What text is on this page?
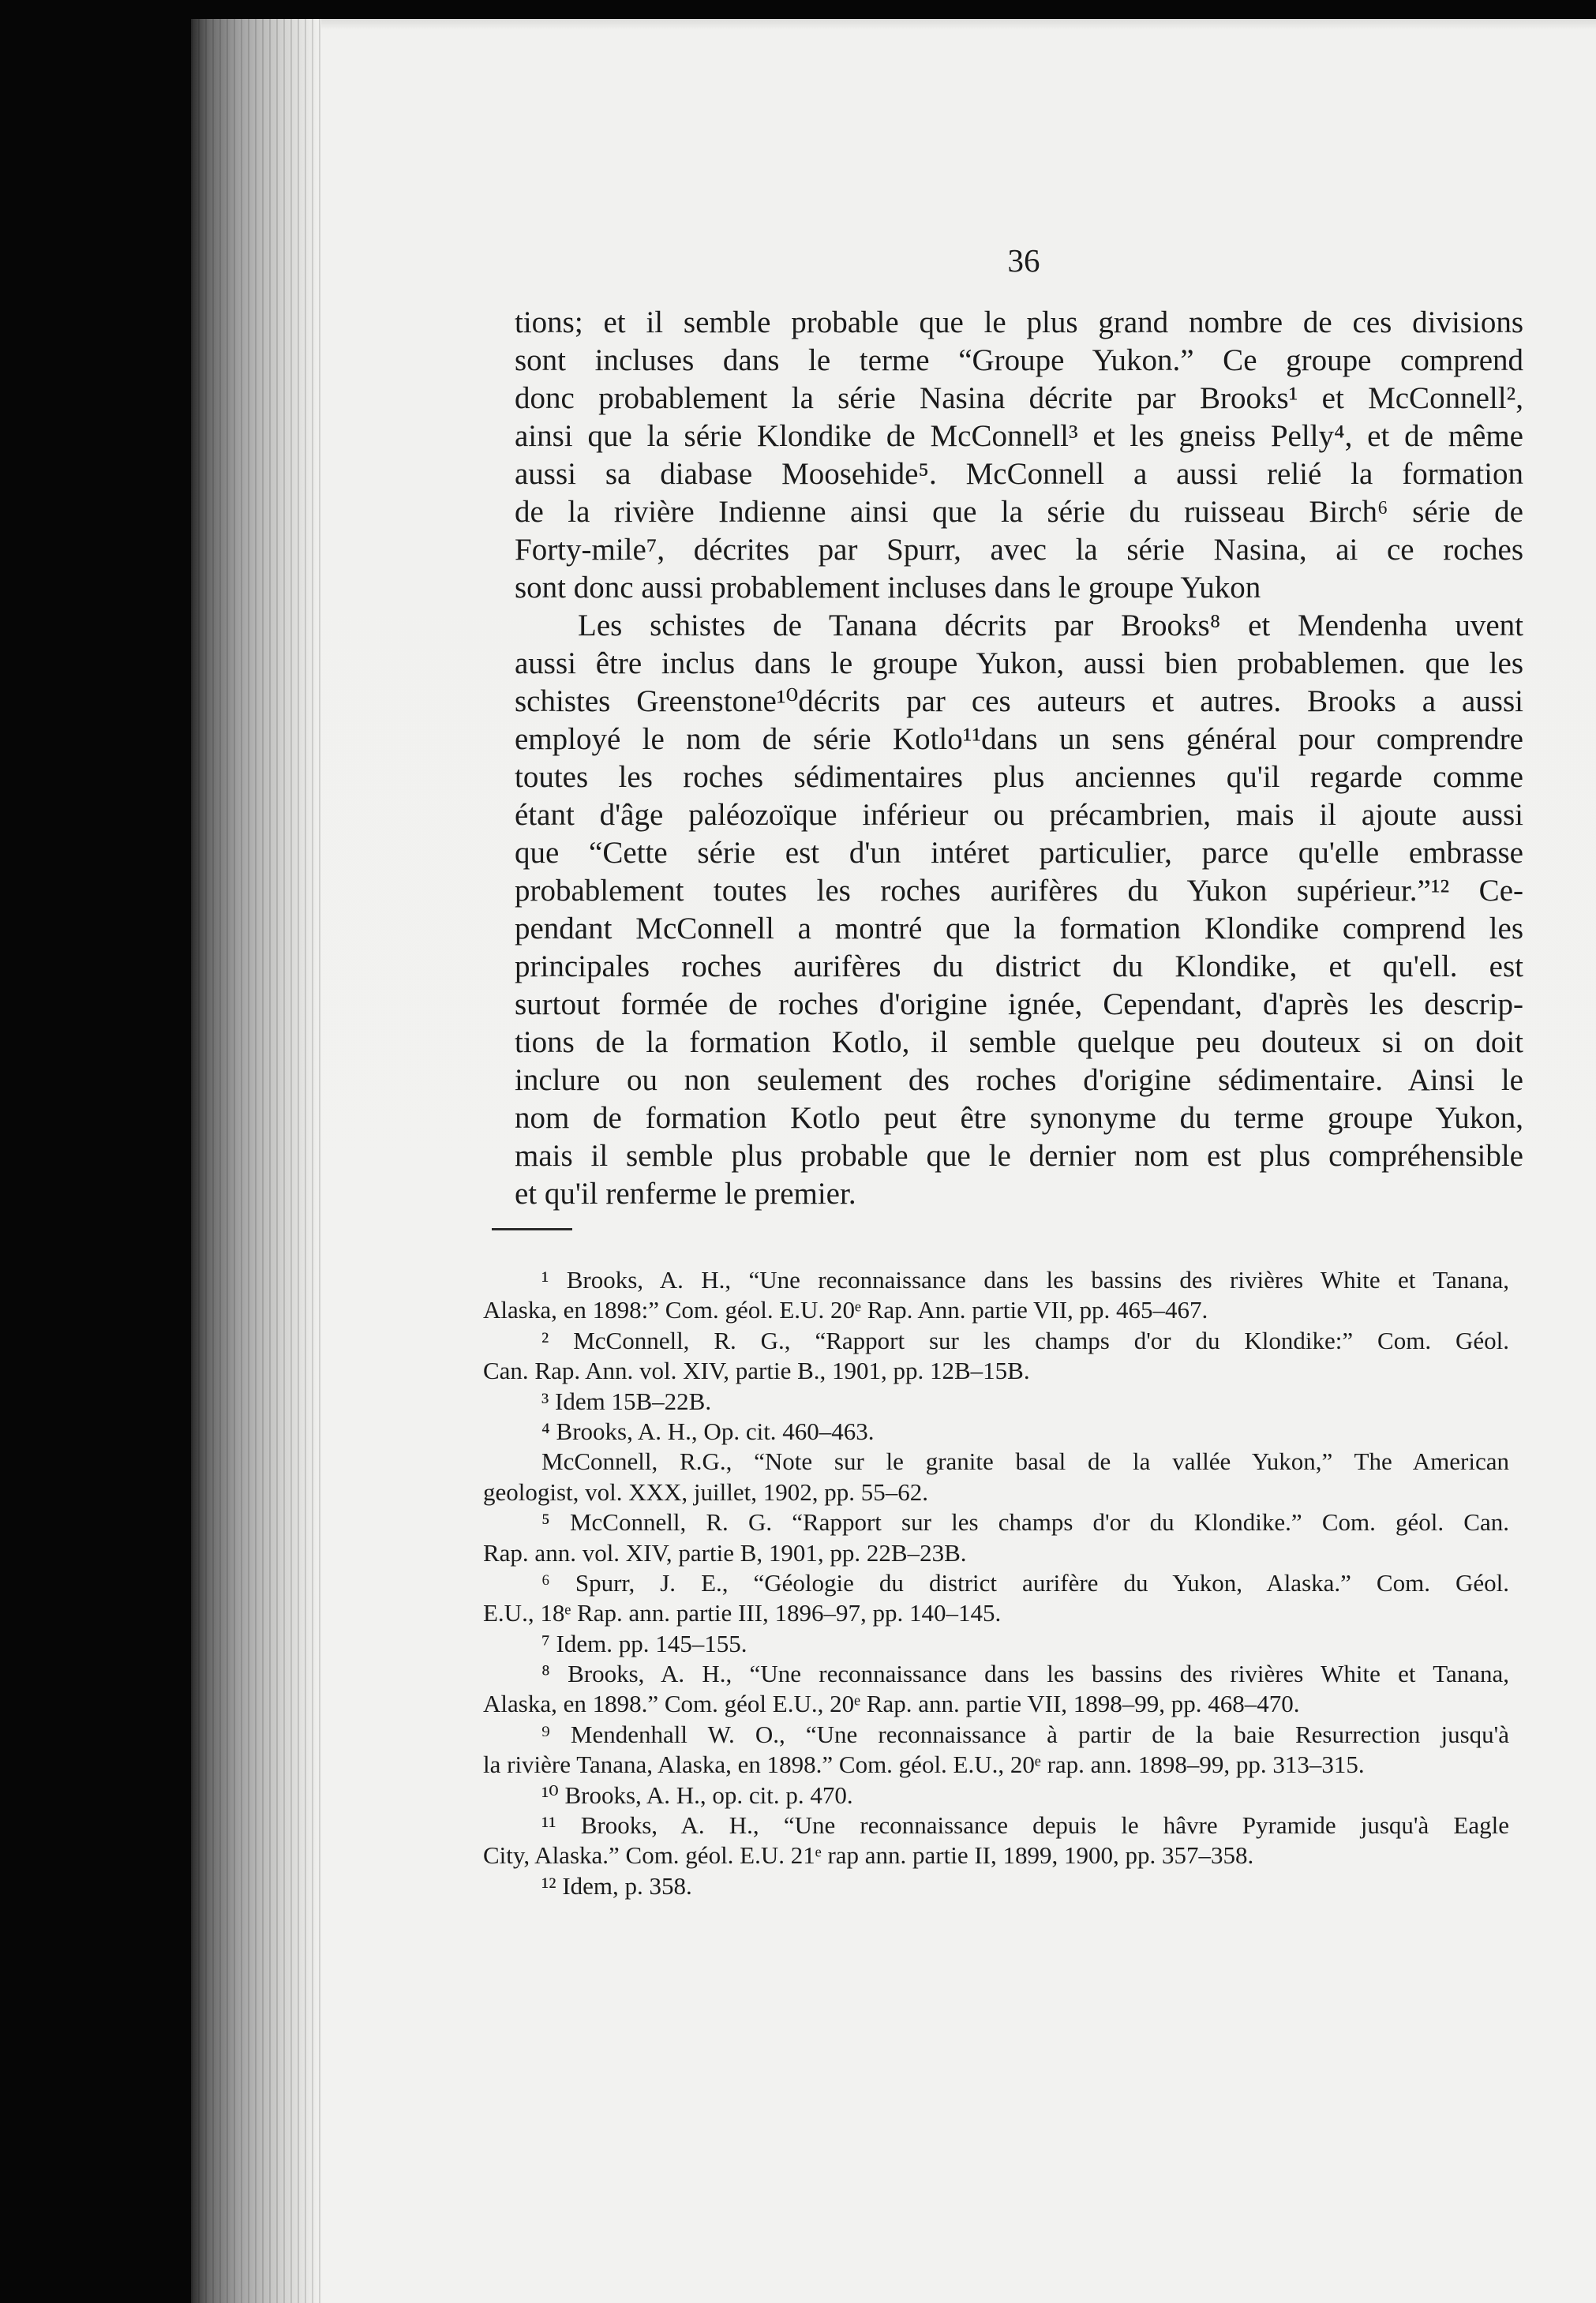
36
tions; et il semble probable que le plus grand nombre de ces divisions
sont incluses dans le terme “Groupe Yukon.” Ce groupe comprend
donc probablement la série Nasina décrite par Brooks¹ et McConnell²,
ainsi que la série Klondike de McConnell³ et les gneiss Pelly⁴, et de même
aussi sa diabase Moosehide⁵. McConnell a aussi relié la formation
de la rivière Indienne ainsi que la série du ruisseau Birch⁶ série de
Forty-mile⁷, décrites par Spurr, avec la série Nasina, ai ce roches
sont donc aussi probablement incluses dans le groupe Yukon
Les schistes de Tanana décrits par Brooks⁸ et Mendenha uvent
aussi être inclus dans le groupe Yukon, aussi bien probablemen. que les
schistes Greenstone¹⁰décrits par ces auteurs et autres. Brooks a aussi
employé le nom de série Kotlo¹¹dans un sens général pour comprendre
toutes les roches sédimentaires plus anciennes qu'il regarde comme
étant d'âge paléozoïque inférieur ou précambrien, mais il ajoute aussi
que “Cette série est d'un intéret particulier, parce qu'elle embrasse
probablement toutes les roches aurifères du Yukon supérieur.”¹² Ce-
pendant McConnell a montré que la formation Klondike comprend les
principales roches aurifères du district du Klondike, et qu'ell. est
surtout formée de roches d'origine ignée, Cependant, d'après les descrip-
tions de la formation Kotlo, il semble quelque peu douteux si on doit
inclure ou non seulement des roches d'origine sédimentaire. Ainsi le
nom de formation Kotlo peut être synonyme du terme groupe Yukon,
mais il semble plus probable que le dernier nom est plus compréhensible
et qu'il renferme le premier.
¹ Brooks, A. H., “Une reconnaissance dans les bassins des rivières White et Tanana,
Alaska, en 1898:” Com. géol. E.U. 20ᵉ Rap. Ann. partie VII, pp. 465–467.
² McConnell, R. G., “Rapport sur les champs d'or du Klondike:” Com. Géol.
Can. Rap. Ann. vol. XIV, partie B., 1901, pp. 12B–15B.
³ Idem 15B–22B.
⁴ Brooks, A. H., Op. cit. 460–463.
McConnell, R.G., “Note sur le granite basal de la vallée Yukon,” The American
geologist, vol. XXX, juillet, 1902, pp. 55–62.
⁵ McConnell, R. G. “Rapport sur les champs d'or du Klondike.” Com. géol. Can.
Rap. ann. vol. XIV, partie B, 1901, pp. 22B–23B.
⁶ Spurr, J. E., “Géologie du district aurifère du Yukon, Alaska.” Com. Géol.
E.U., 18ᵉ Rap. ann. partie III, 1896–97, pp. 140–145.
⁷ Idem. pp. 145–155.
⁸ Brooks, A. H., “Une reconnaissance dans les bassins des rivières White et Tanana,
Alaska, en 1898.” Com. géol E.U., 20ᵉ Rap. ann. partie VII, 1898–99, pp. 468–470.
⁹ Mendenhall W. O., “Une reconnaissance à partir de la baie Resurrection jusqu'à
la rivière Tanana, Alaska, en 1898.” Com. géol. E.U., 20ᵉ rap. ann. 1898–99, pp. 313–315.
¹⁰ Brooks, A. H., op. cit. p. 470.
¹¹ Brooks, A. H., “Une reconnaissance depuis le hâvre Pyramide jusqu'à Eagle
City, Alaska.” Com. géol. E.U. 21ᵉ rap ann. partie II, 1899, 1900, pp. 357–358.
¹² Idem, p. 358.
